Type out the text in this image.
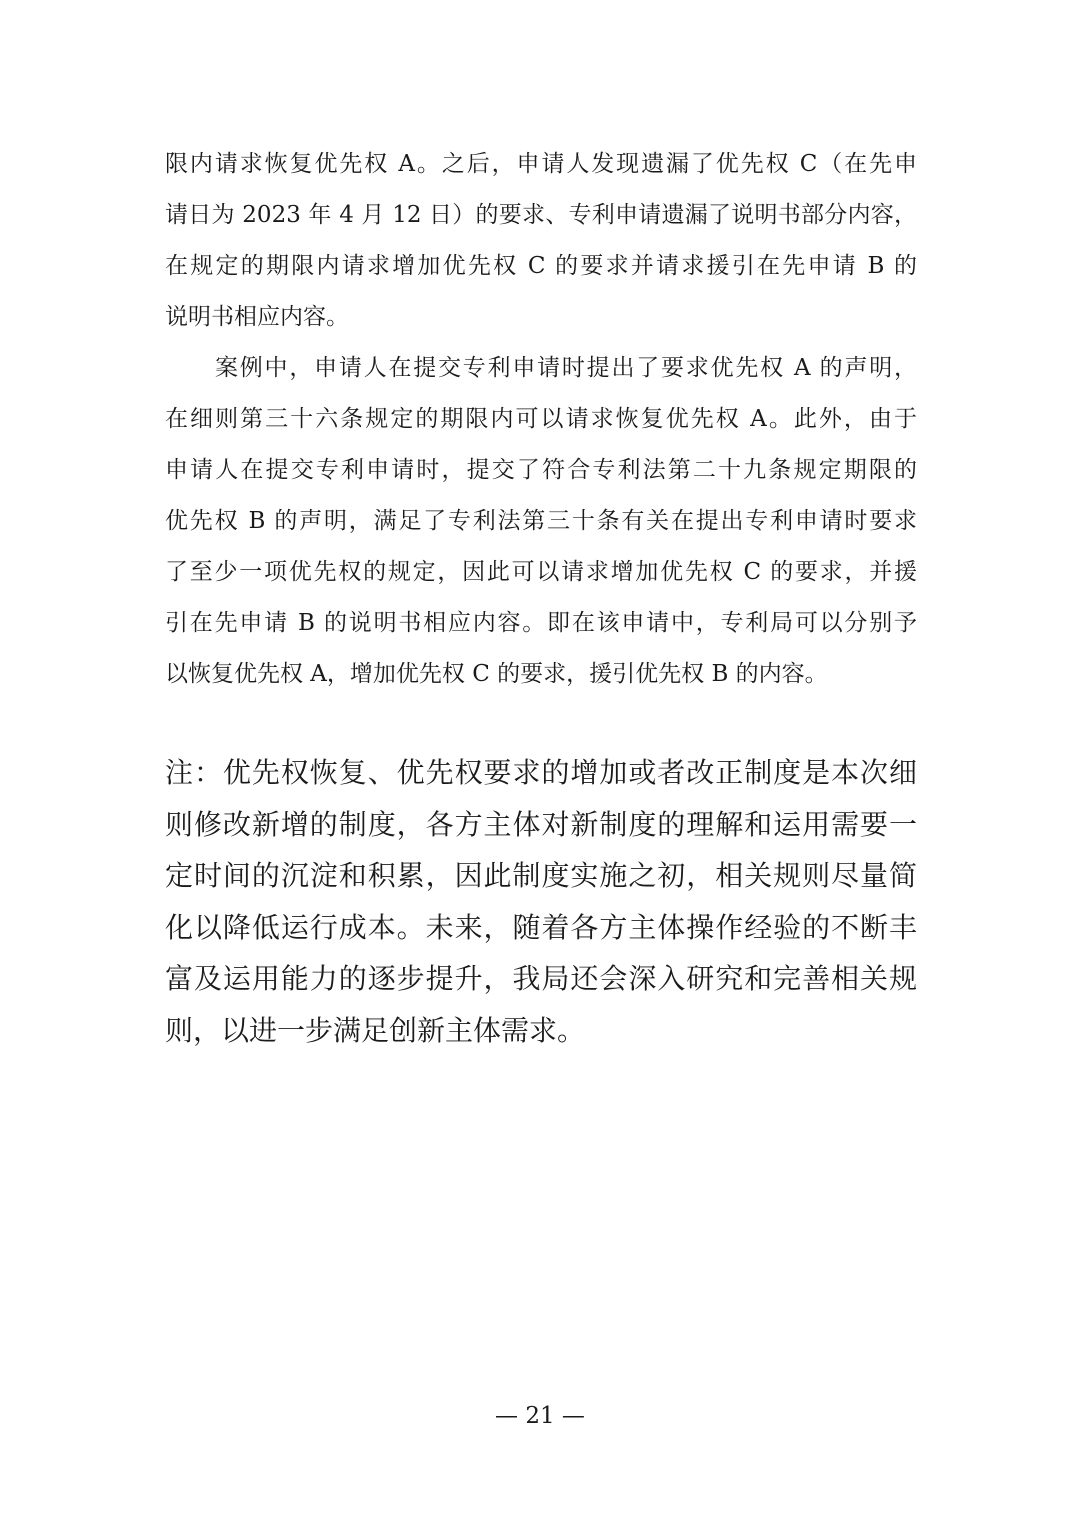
限内请求恢复优先权 A。之后，申请人发现遗漏了优先权 C（在先申
请日为 2023 年 4 月 12 日）的要求、专利申请遗漏了说明书部分内容，
在规定的期限内请求增加优先权 C 的要求并请求援引在先申请 B 的
说明书相应内容。
案例中，申请人在提交专利申请时提出了要求优先权 A 的声明，
在细则第三十六条规定的期限内可以请求恢复优先权 A。此外，由于
申请人在提交专利申请时，提交了符合专利法第二十九条规定期限的
优先权 B 的声明，满足了专利法第三十条有关在提出专利申请时要求
了至少一项优先权的规定，因此可以请求增加优先权 C 的要求，并援
引在先申请 B 的说明书相应内容。即在该申请中，专利局可以分别予
以恢复优先权 A，增加优先权 C 的要求，援引优先权 B 的内容。
注：优先权恢复、优先权要求的增加或者改正制度是本次细
则修改新增的制度，各方主体对新制度的理解和运用需要一
定时间的沉淀和积累，因此制度实施之初，相关规则尽量简
化以降低运行成本。未来，随着各方主体操作经验的不断丰
富及运用能力的逐步提升，我局还会深入研究和完善相关规
则，以进一步满足创新主体需求。
— 21 —
